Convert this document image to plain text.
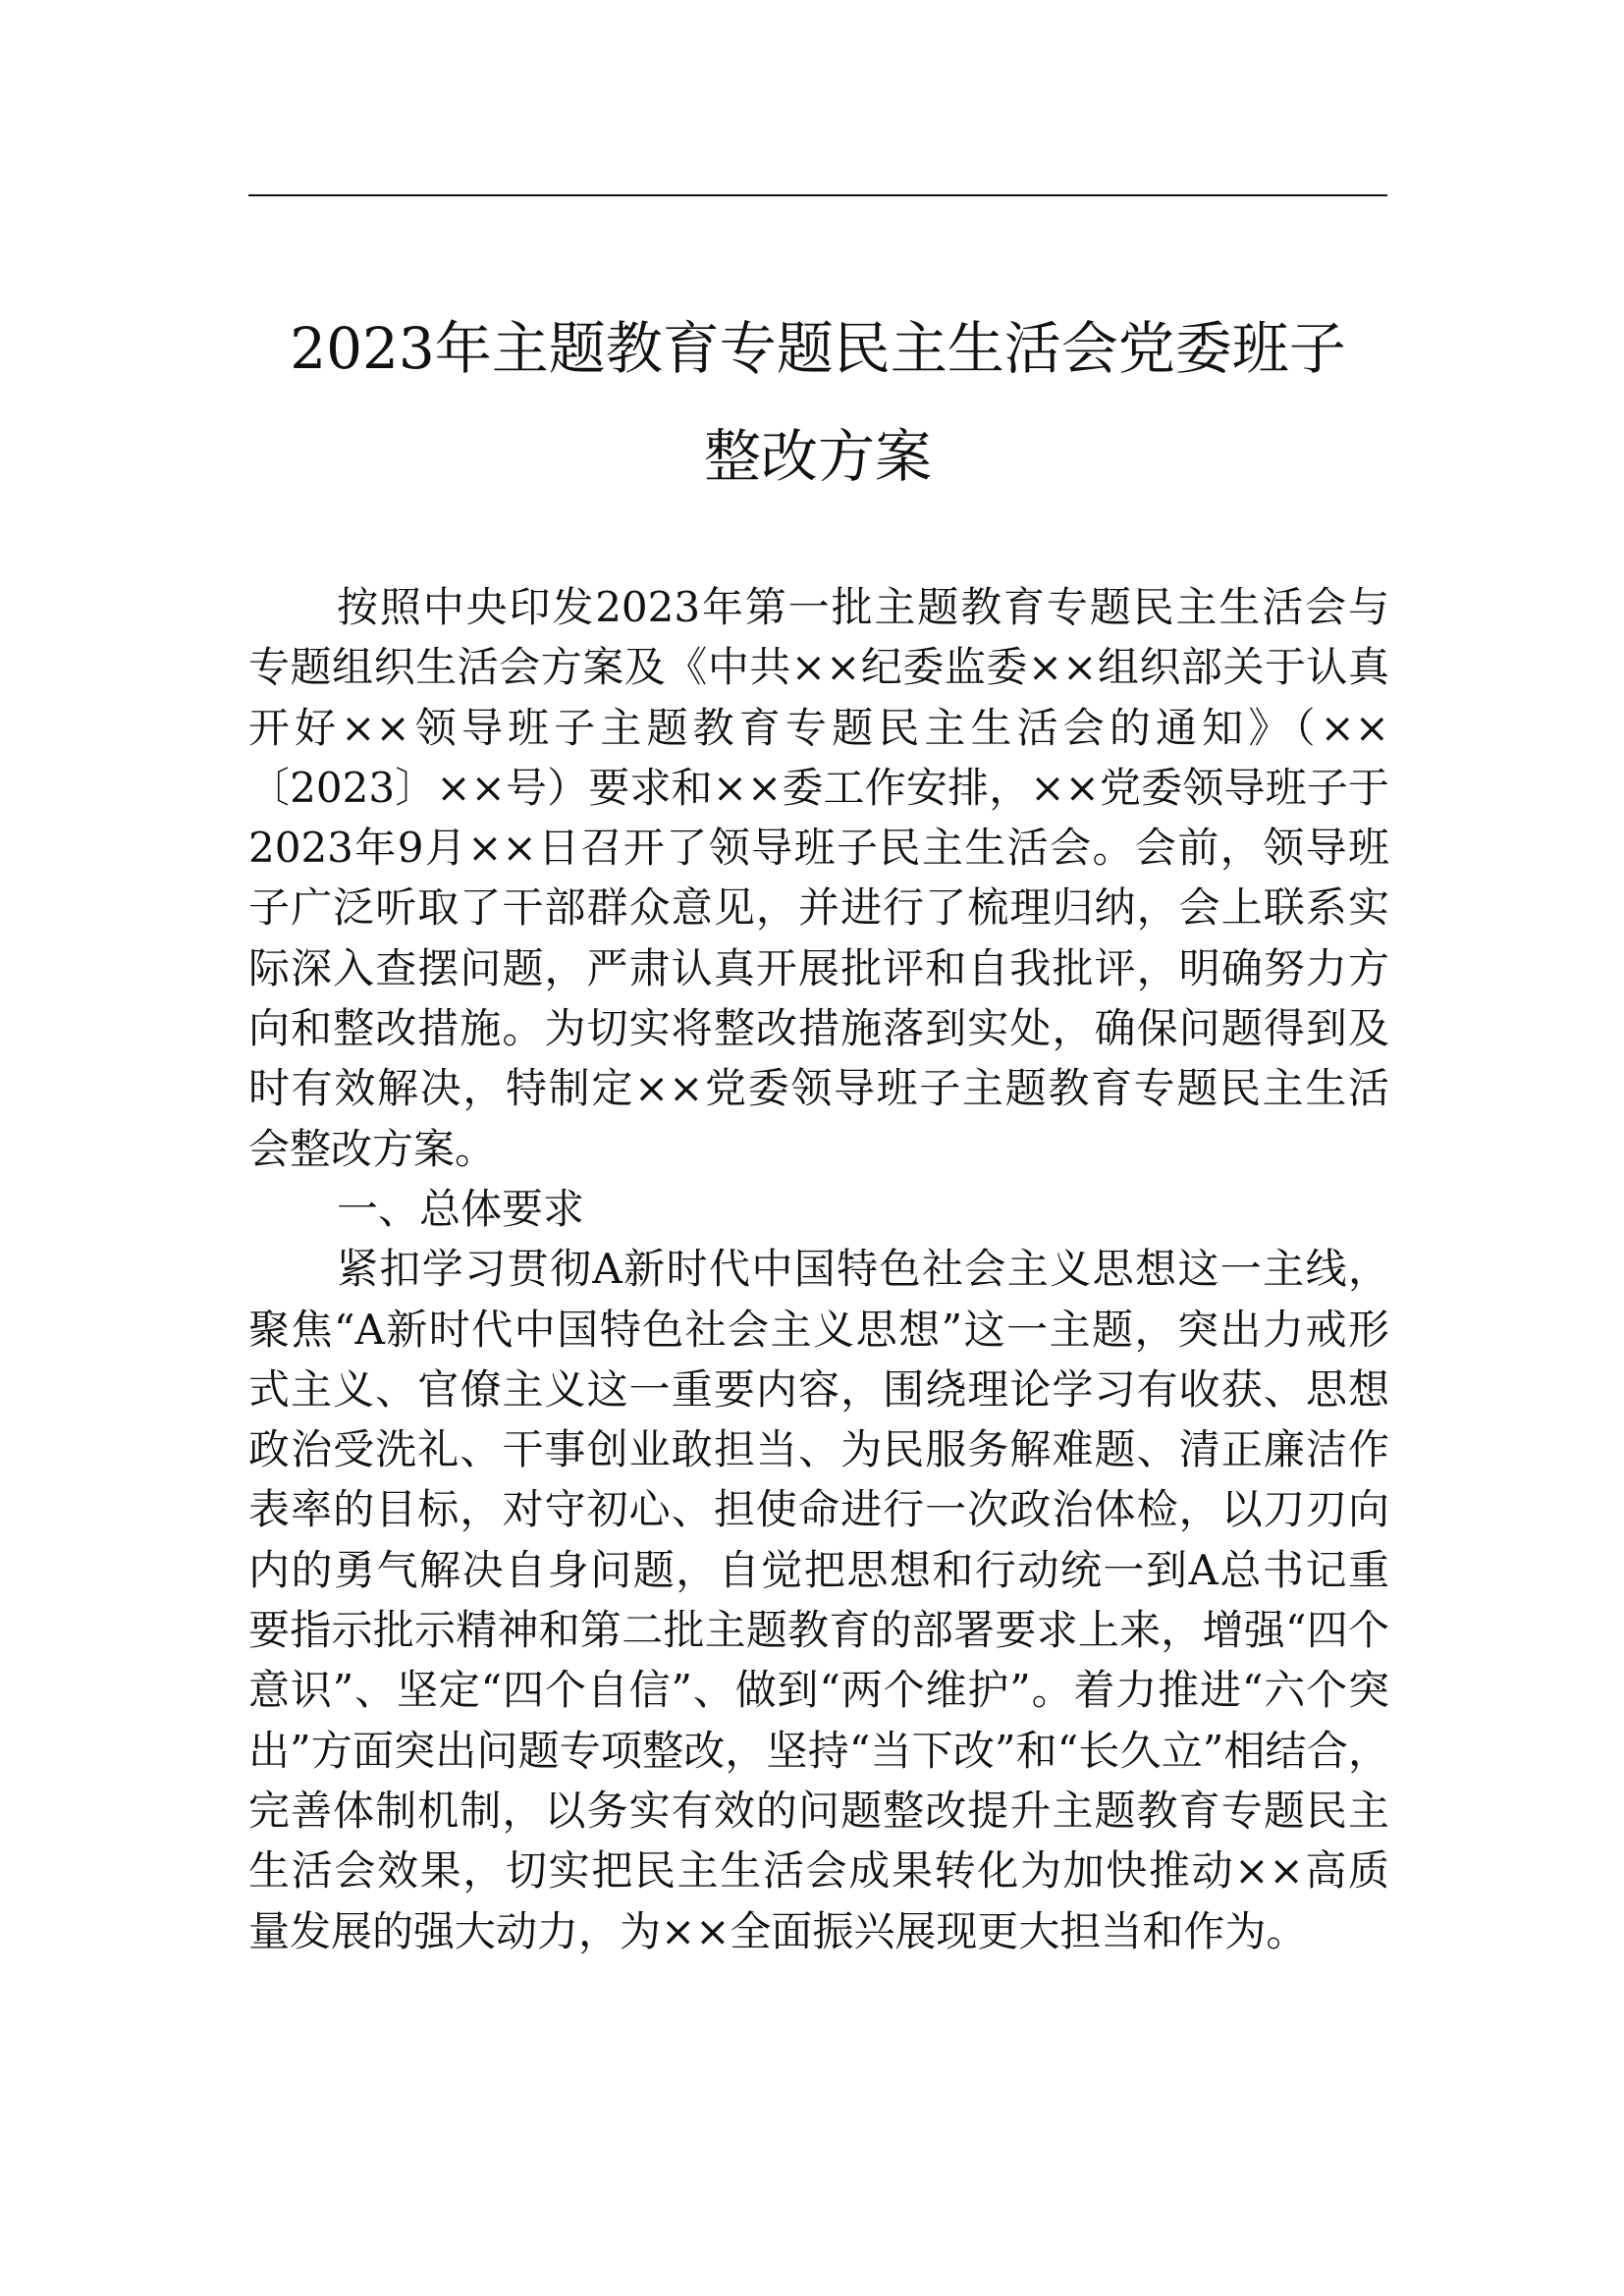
2023年主题教育专题民主生活会党委班子
整改方案

按照中央印发2023年第一批主题教育专题民主生活会与专题组织生活会方案及《中共××纪委监委××组织部关于认真开好××领导班子主题教育专题民主生活会的通知》（××〔2023〕××号）要求和××委工作安排，××党委领导班子于2023年9月××日召开了领导班子民主生活会。会前，领导班子广泛听取了干部群众意见，并进行了梳理归纳，会上联系实际深入查摆问题，严肃认真开展批评和自我批评，明确努力方向和整改措施。为切实将整改措施落到实处，确保问题得到及时有效解决，特制定××党委领导班子主题教育专题民主生活会整改方案。

一、总体要求

紧扣学习贯彻A新时代中国特色社会主义思想这一主线，聚焦“A新时代中国特色社会主义思想”这一主题，突出力戒形式主义、官僚主义这一重要内容，围绕理论学习有收获、思想政治受洗礼、干事创业敢担当、为民服务解难题、清正廉洁作表率的目标，对守初心、担使命进行一次政治体检，以刀刃向内的勇气解决自身问题，自觉把思想和行动统一到A总书记重要指示批示精神和第二批主题教育的部署要求上来，增强“四个意识”、坚定“四个自信”、做到“两个维护”。着力推进“六个突出”方面突出问题专项整改，坚持“当下改”和“长久立”相结合，完善体制机制，以务实有效的问题整改提升主题教育专题民主生活会效果，切实把民主生活会成果转化为加快推动××高质量发展的强大动力，为××全面振兴展现更大担当和作为。
